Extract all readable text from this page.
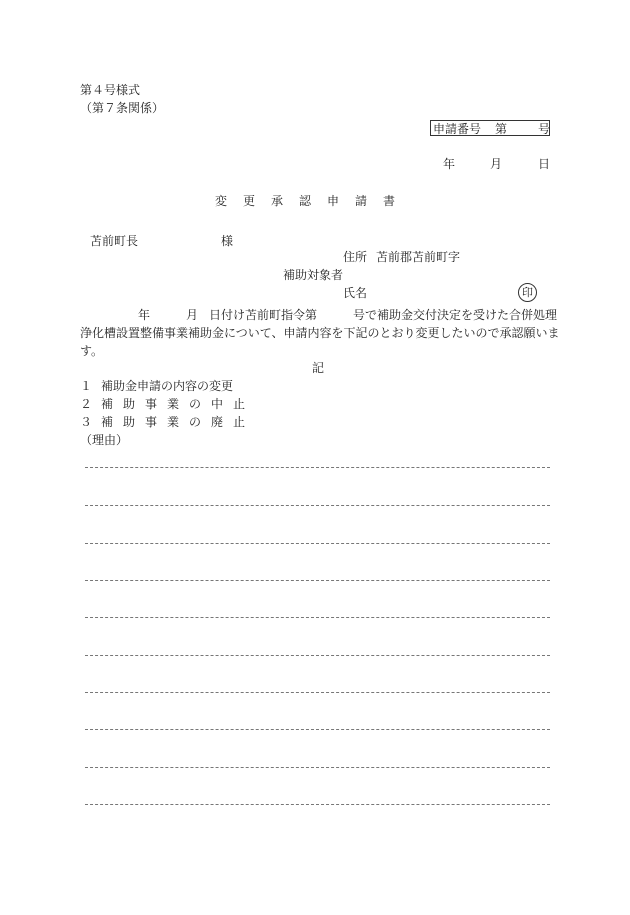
第４号様式
（第７条関係）
申請番号 第	号
年	月	日
変更承認申請書
苫前町長	様
住所 苫前郡苫前町字
補助対象者
氏名	印
年	月 日付け苫前町指令第	号で補助金交付決定を受けた合併処理
浄化槽設置整備事業補助金について、申請内容を下記のとおり変更したいので承認願いま
す。
記
１ 補助金申請の内容の変更
２ 補助事業の中止
３ 補助事業の廃止
（理由）
